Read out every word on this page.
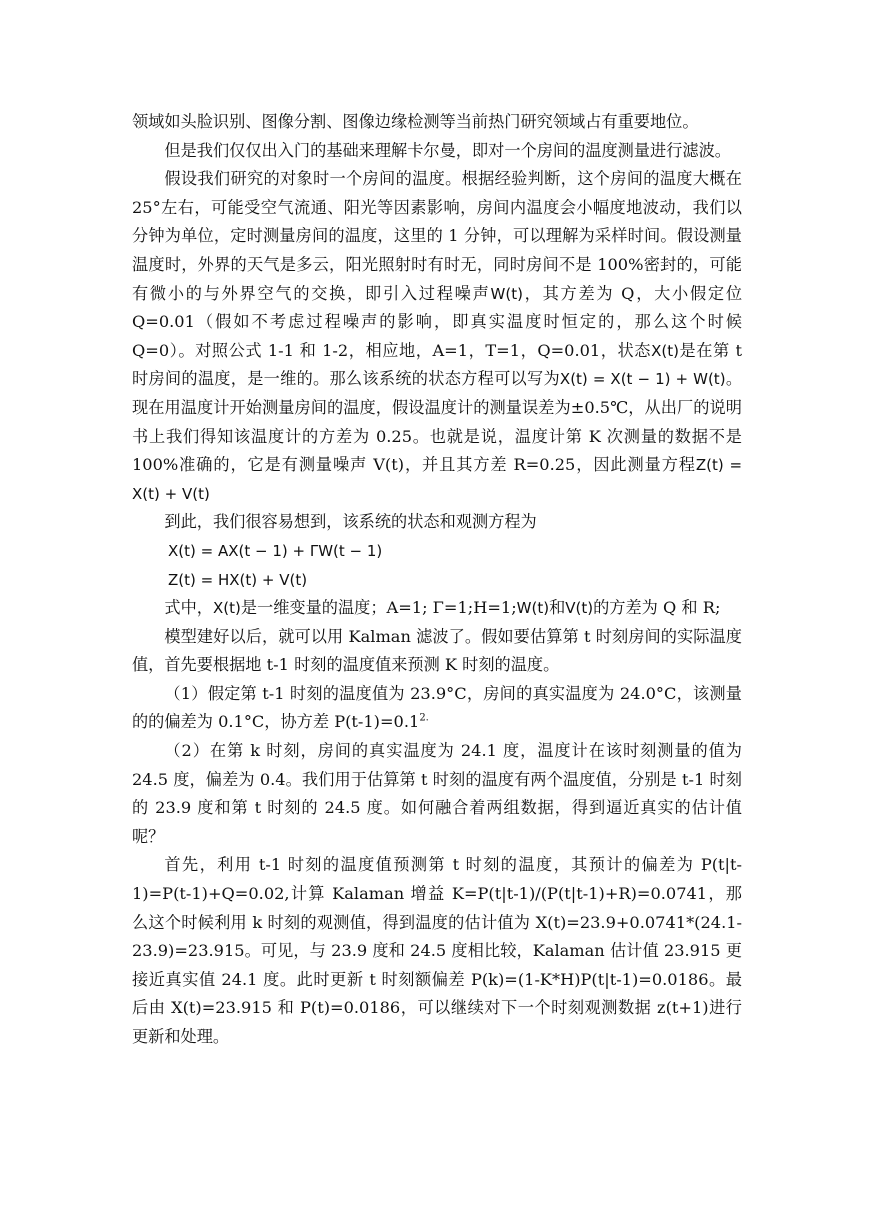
领域如头脸识别、图像分割、图像边缘检测等当前热门研究领域占有重要地位。

但是我们仅仅出入门的基础来理解卡尔曼，即对一个房间的温度测量进行滤波。

假设我们研究的对象时一个房间的温度。根据经验判断，这个房间的温度大概在 25°左右，可能受空气流通、阳光等因素影响，房间内温度会小幅度地波动，我们以分钟为单位，定时测量房间的温度，这里的 1 分钟，可以理解为采样时间。假设测量温度时，外界的天气是多云，阳光照射时有时无，同时房间不是 100%密封的，可能有微小的与外界空气的交换，即引入过程噪声W(t)，其方差为 Q，大小假定位 Q=0.01（假如不考虑过程噪声的影响，即真实温度时恒定的，那么这个时候 Q=0）。对照公式 1-1 和 1-2，相应地，A=1，T=1，Q=0.01，状态X(t)是在第 t 时房间的温度，是一维的。那么该系统的状态方程可以写为X(t) = X(t − 1) + W(t)。现在用温度计开始测量房间的温度，假设温度计的测量误差为±0.5℃，从出厂的说明书上我们得知该温度计的方差为 0.25。也就是说，温度计第 K 次测量的数据不是 100%准确的，它是有测量噪声 V(t)，并且其方差 R=0.25，因此测量方程Z(t) = X(t) + V(t)

到此，我们很容易想到，该系统的状态和观测方程为

X(t) = AX(t − 1) + ΓW(t − 1)

Z(t) = HX(t) + V(t)

式中，X(t)是一维变量的温度；A=1; Γ=1;H=1;W(t)和V(t)的方差为 Q 和 R;

模型建好以后，就可以用 Kalman 滤波了。假如要估算第 t 时刻房间的实际温度值，首先要根据地 t-1 时刻的温度值来预测 K 时刻的温度。

（1）假定第 t-1 时刻的温度值为 23.9°C，房间的真实温度为 24.0°C，该测量的的偏差为 0.1°C，协方差 $P(t-1)=0.1^{2.}$

（2）在第 k 时刻，房间的真实温度为 24.1 度，温度计在该时刻测量的值为 24.5 度，偏差为 0.4。我们用于估算第 t 时刻的温度有两个温度值，分别是 t-1 时刻的 23.9 度和第 t 时刻的 24.5 度。如何融合着两组数据，得到逼近真实的估计值呢？

首先，利用 t-1 时刻的温度值预测第 t 时刻的温度，其预计的偏差为 P(t|t-1)=P(t-1)+Q=0.02,计算 Kalaman 增益 K=P(t|t-1)/(P(t|t-1)+R)=0.0741，那么这个时候利用 k 时刻的观测值，得到温度的估计值为 X(t)=23.9+0.0741*(24.1-23.9)=23.915。可见，与 23.9 度和 24.5 度相比较，Kalaman 估计值 23.915 更接近真实值 24.1 度。此时更新 t 时刻额偏差 P(k)=(1-K*H)P(t|t-1)=0.0186。最后由 X(t)=23.915 和 P(t)=0.0186，可以继续对下一个时刻观测数据 z(t+1)进行更新和处理。
